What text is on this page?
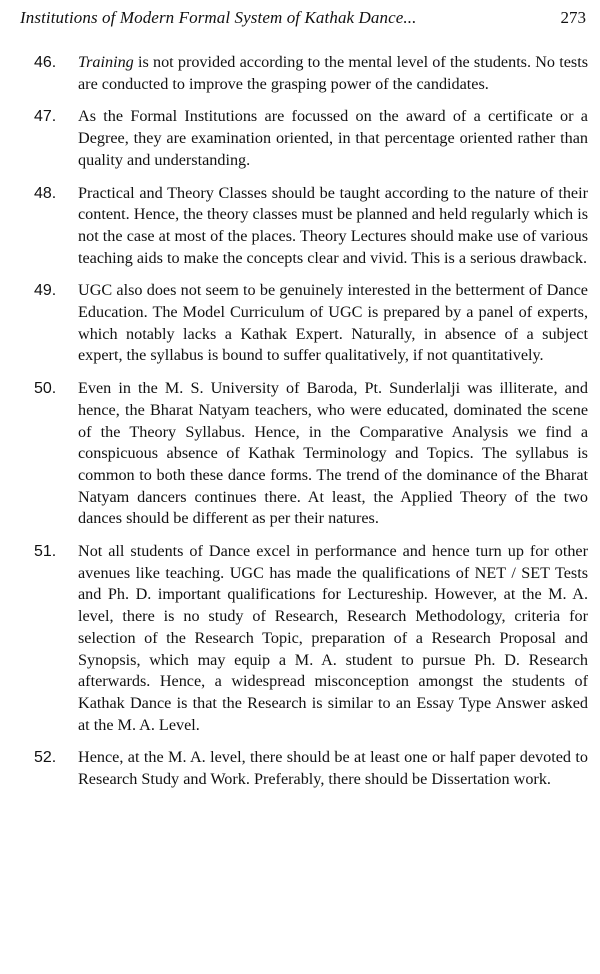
Institutions of Modern Formal System of Kathak Dance...	273
46.	Training is not provided according to the mental level of the students. No tests are conducted to improve the grasping power of the candidates.
47.	As the Formal Institutions are focussed on the award of a certificate or a Degree, they are examination oriented, in that percentage oriented rather than quality and understanding.
48.	Practical and Theory Classes should be taught according to the nature of their content. Hence, the theory classes must be planned and held regularly which is not the case at most of the places. Theory Lectures should make use of various teaching aids to make the concepts clear and vivid. This is a serious drawback.
49.	UGC also does not seem to be genuinely interested in the betterment of Dance Education. The Model Curriculum of UGC is prepared by a panel of experts, which notably lacks a Kathak Expert. Naturally, in absence of a subject expert, the syllabus is bound to suffer qualitatively, if not quantitatively.
50.	Even in the M. S. University of Baroda, Pt. Sunderlalji was illiterate, and hence, the Bharat Natyam teachers, who were educated, dominated the scene of the Theory Syllabus. Hence, in the Comparative Analysis we find a conspicuous absence of Kathak Terminology and Topics. The syllabus is common to both these dance forms. The trend of the dominance of the Bharat Natyam dancers continues there. At least, the Applied Theory of the two dances should be different as per their natures.
51.	Not all students of Dance excel in performance and hence turn up for other avenues like teaching. UGC has made the qualifications of NET / SET Tests and Ph. D. important qualifications for Lectureship. However, at the M. A. level, there is no study of Research, Research Methodology, criteria for selection of the Research Topic, preparation of a Research Proposal and Synopsis, which may equip a M. A. student to pursue Ph. D. Research afterwards. Hence, a widespread misconception amongst the students of Kathak Dance is that the Research is similar to an Essay Type Answer asked at the M. A. Level.
52.	Hence, at the M. A. level, there should be at least one or half paper devoted to Research Study and Work. Preferably, there should be Dissertation work.
